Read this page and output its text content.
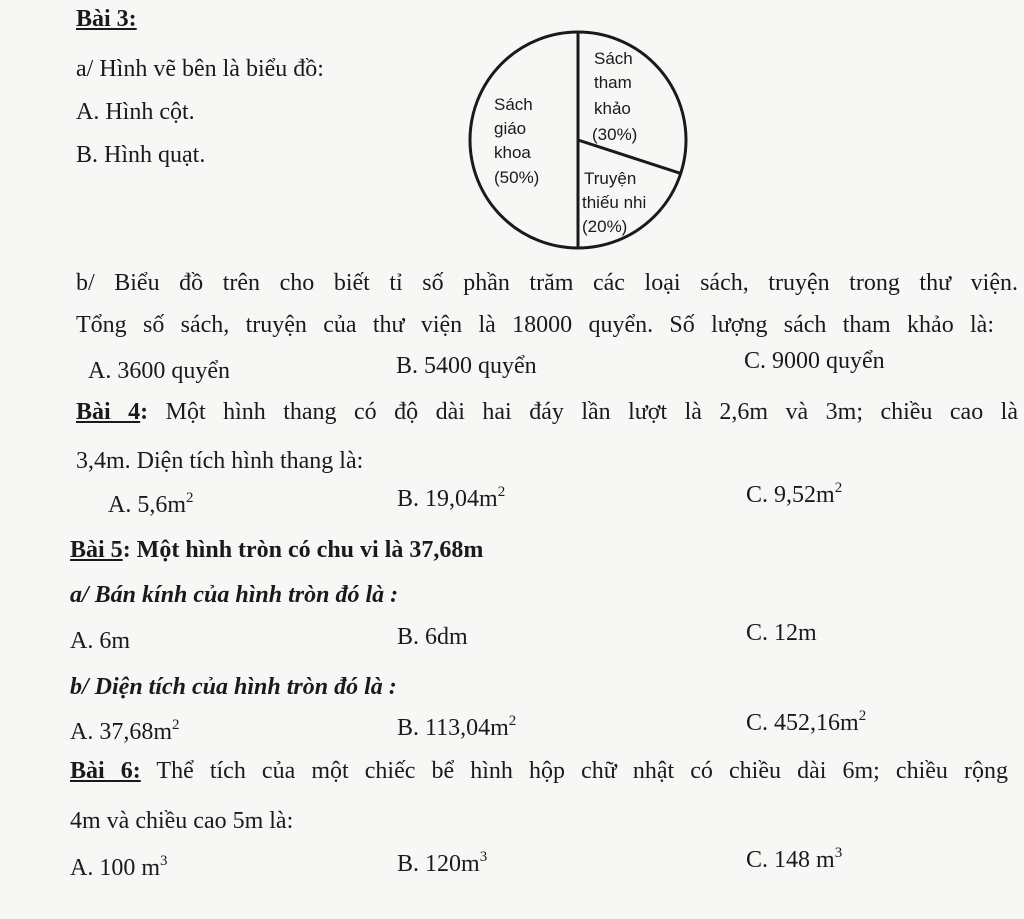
Bài 3:
a/ Hình vẽ bên là biểu đồ:
A. Hình cột.
B. Hình quạt.
Sách
giáo
khoa
(50%)
Sách
tham
khảo
(30%)
Truyện
thiếu nhi
(20%)
b/ Biểu đồ trên cho biết tỉ số phần trăm các loại sách, truyện trong thư viện.
Tổng số sách, truyện của thư viện là 18000 quyển. Số lượng sách tham khảo là:
A. 3600 quyển	B. 5400 quyển	C. 9000 quyển
Bài 4: Một hình thang có độ dài hai đáy lần lượt là 2,6m và 3m; chiều cao là
3,4m. Diện tích hình thang là:
A. $5,6m^2$	B. $19,04m^2$	C. $9,52m^2$
Bài 5: Một hình tròn có chu vi là 37,68m
a/ Bán kính của hình tròn đó là :
A. 6m	B. 6dm	C. 12m
b/ Diện tích của hình tròn đó là :
A. $37,68m^2$	B. $113,04m^2$	C. $452,16m^2$
Bài 6: Thể tích của một chiếc bể hình hộp chữ nhật có chiều dài 6m; chiều rộng
4m và chiều cao 5m là:
A. 100 $m^3$	B. $120m^3$	C. 148 $m^3$
